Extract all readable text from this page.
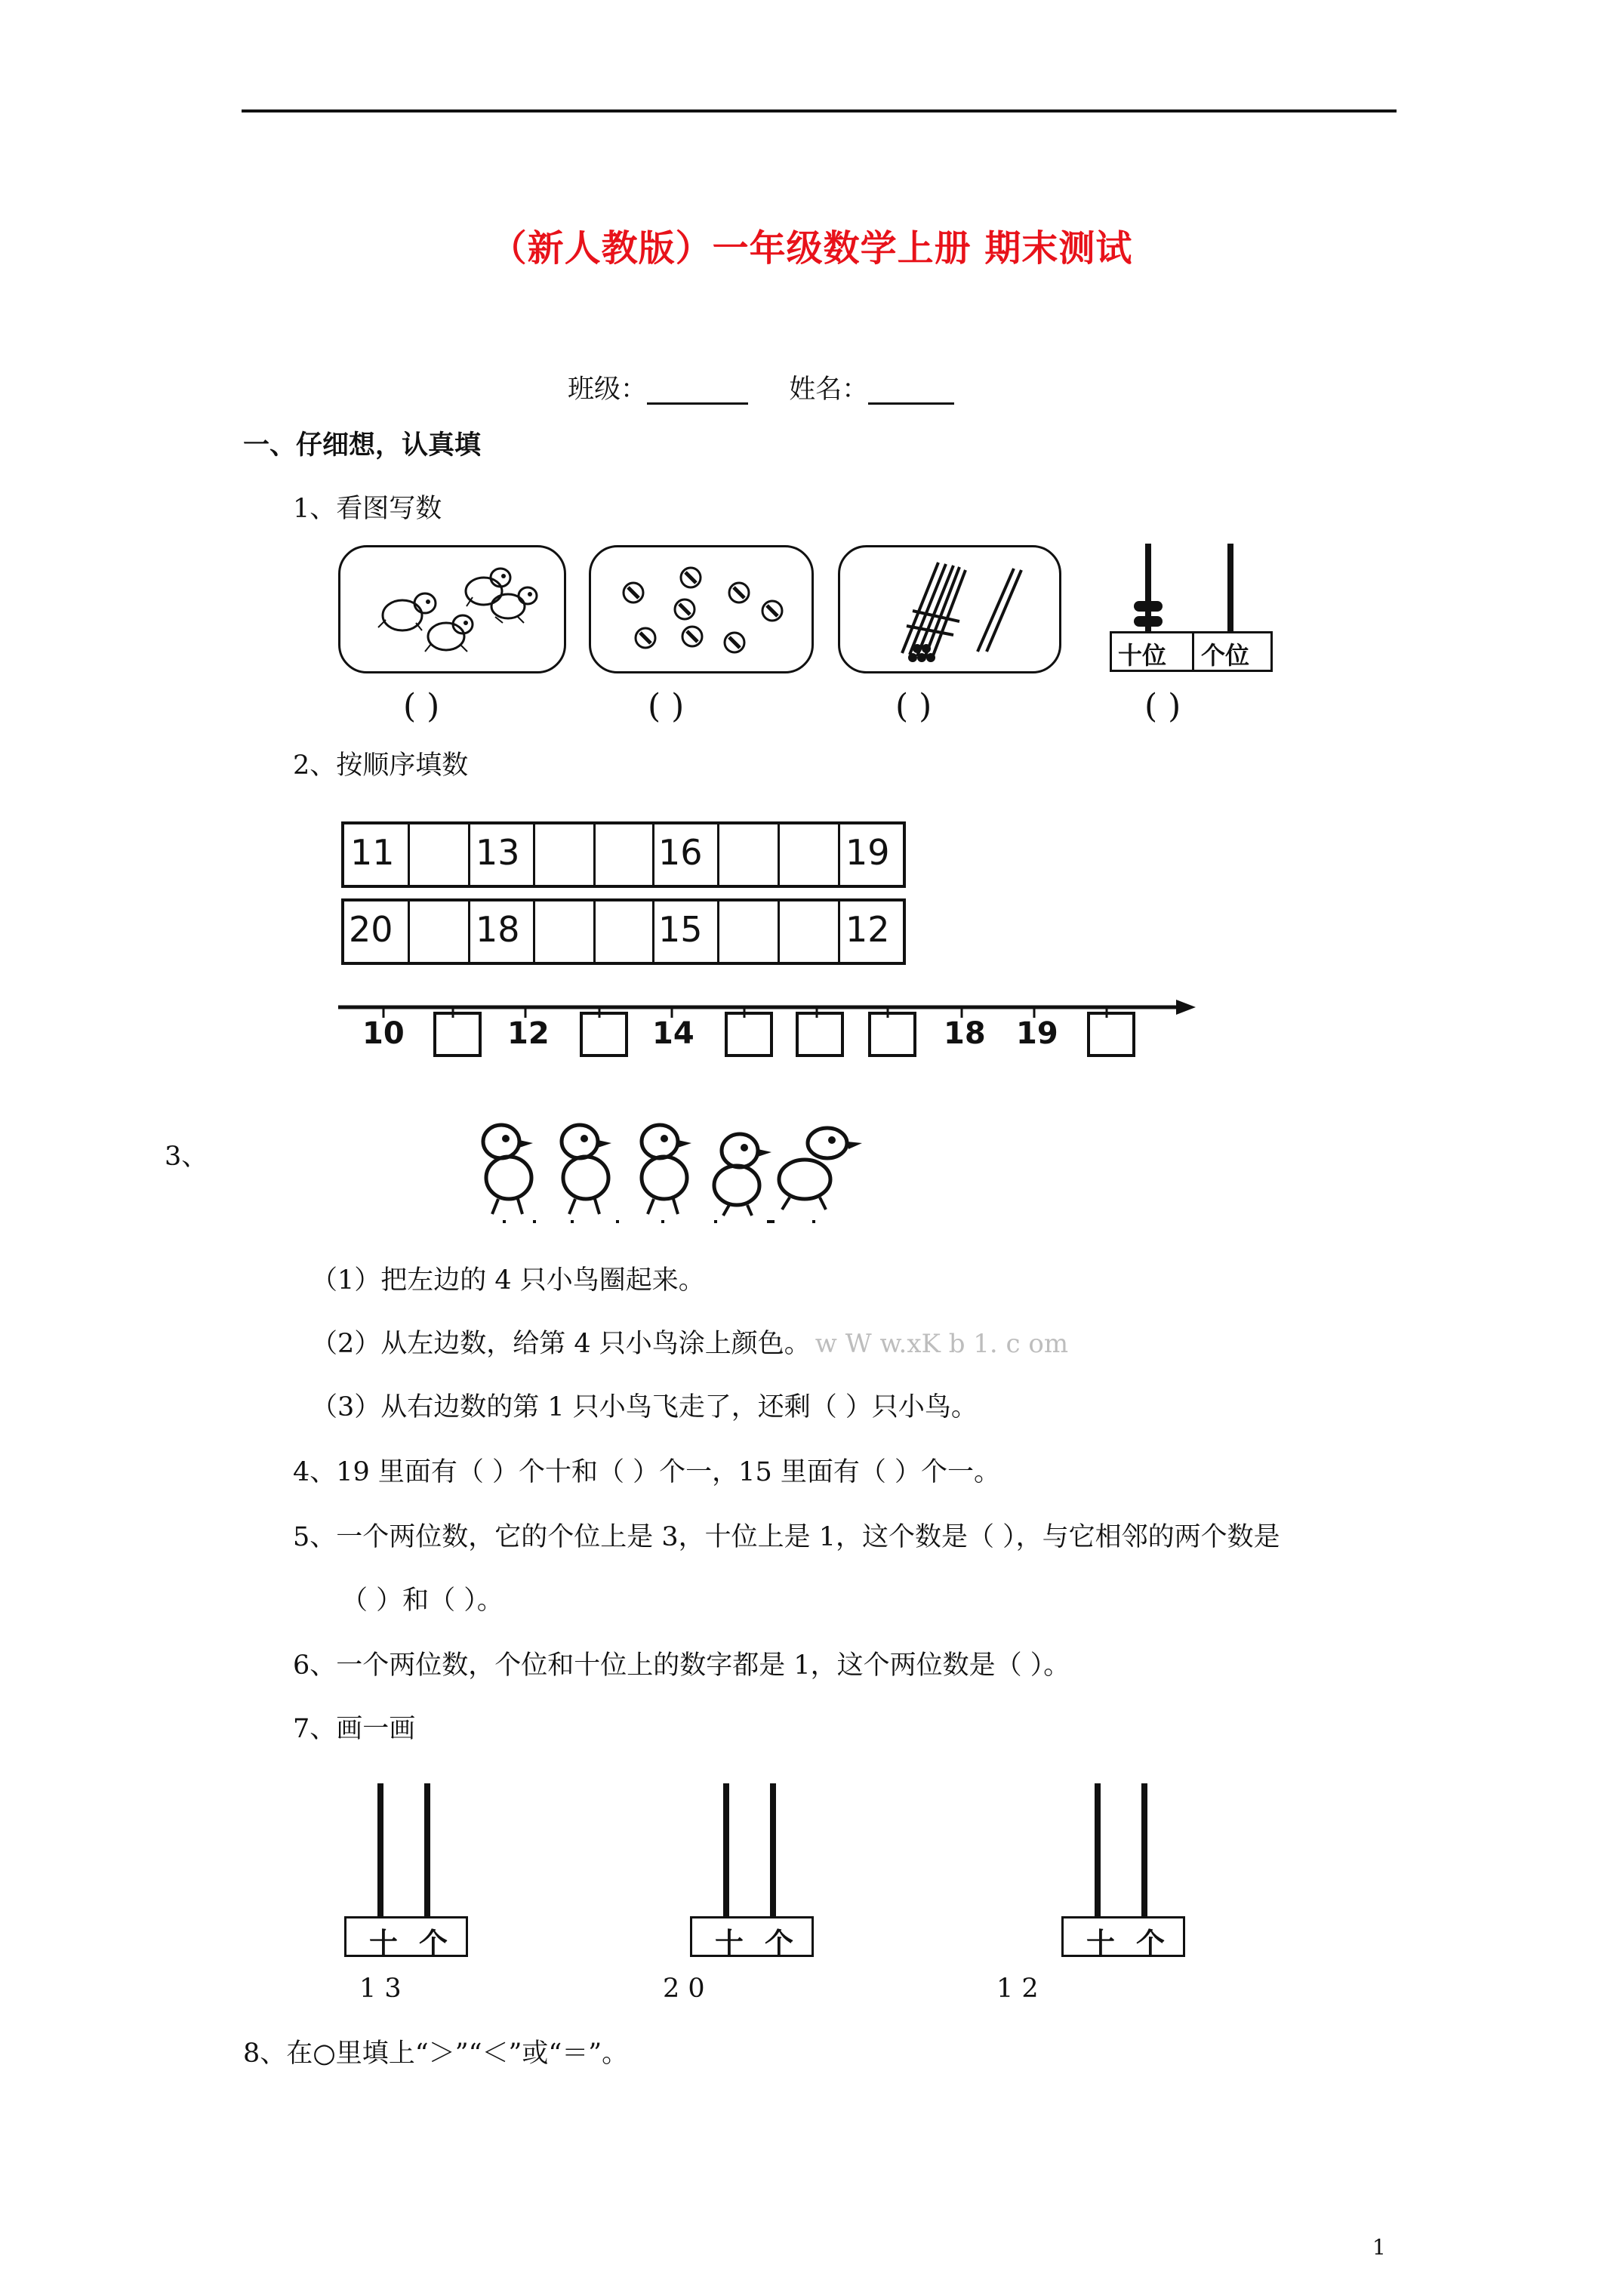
（新人教版）一年级数学上册 期末测试
班级：	姓名：
一、仔细想，认真填
1、看图写数
十位 个位
( )	( )	( )	( )
2、按顺序填数
11 13	16	19
20 18	15	12
10	12	14	18 19
3、
（1）把左边的 4 只小鸟圈起来。
（2）从左边数，给第 4 只小鸟涂上颜色。 w W w.xK b 1. c om
（3）从右边数的第 1 只小鸟飞走了，还剩（ ）只小鸟。
4、19 里面有（ ）个十和（ ）个一，15 里面有（ ）个一。
5、一个两位数，它的个位上是 3，十位上是 1，这个数是（ ），与它相邻的两个数是
（ ）和（ ）。
6、一个两位数，个位和十位上的数字都是 1，这个两位数是（ ）。
7、画一画
十 个
1 3
十 个
2 0
十 个
1 2
8、在○里填上“＞”“＜”或“＝”。
1
